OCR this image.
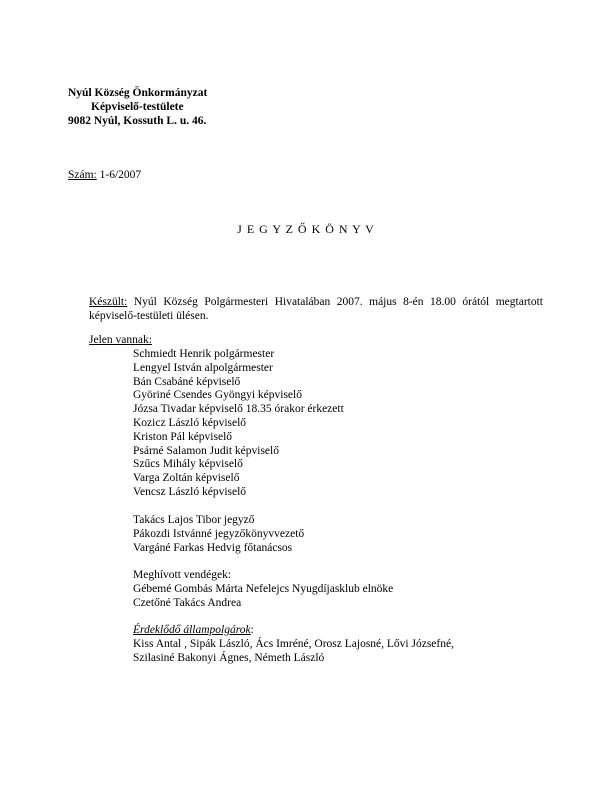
Nyúl Község Önkormányzat
Képviselő-testülete
9082 Nyúl, Kossuth L. u. 46.
Szám: 1-6/2007
J E G Y Z Ő K Ö N Y V
Készült: Nyúl Község Polgármesteri Hivatalában 2007. május 8-én 18.00 órától megtartott képviselő-testületi ülésen.
Jelen vannak:
Schmiedt Henrik polgármester
Lengyel István alpolgármester
Bán Csabáné képviselő
Györiné Csendes Gyöngyi képviselő
Józsa Tivadar képviselő 18.35 órakor érkezett
Kozicz László képviselő
Kriston Pál képviselő
Psárné Salamon Judit képviselő
Szűcs Mihály képviselő
Varga Zoltán képviselő
Vencsz László képviselő
Takács Lajos Tibor jegyző
Pákozdi Istvánné jegyzőkönyvvezető
Vargáné Farkas Hedvig főtanácsos
Meghívott vendégek:
Gébemé Gombás Márta Nefelejcs Nyugdíjasklub elnöke
Czetőné Takács Andrea
Érdeklődő állampolgárok:
Kiss Antal , Sipák László, Ács Imréné, Orosz Lajosné, Lővi Józsefné,
Szilasiné Bakonyi Ágnes, Németh László
